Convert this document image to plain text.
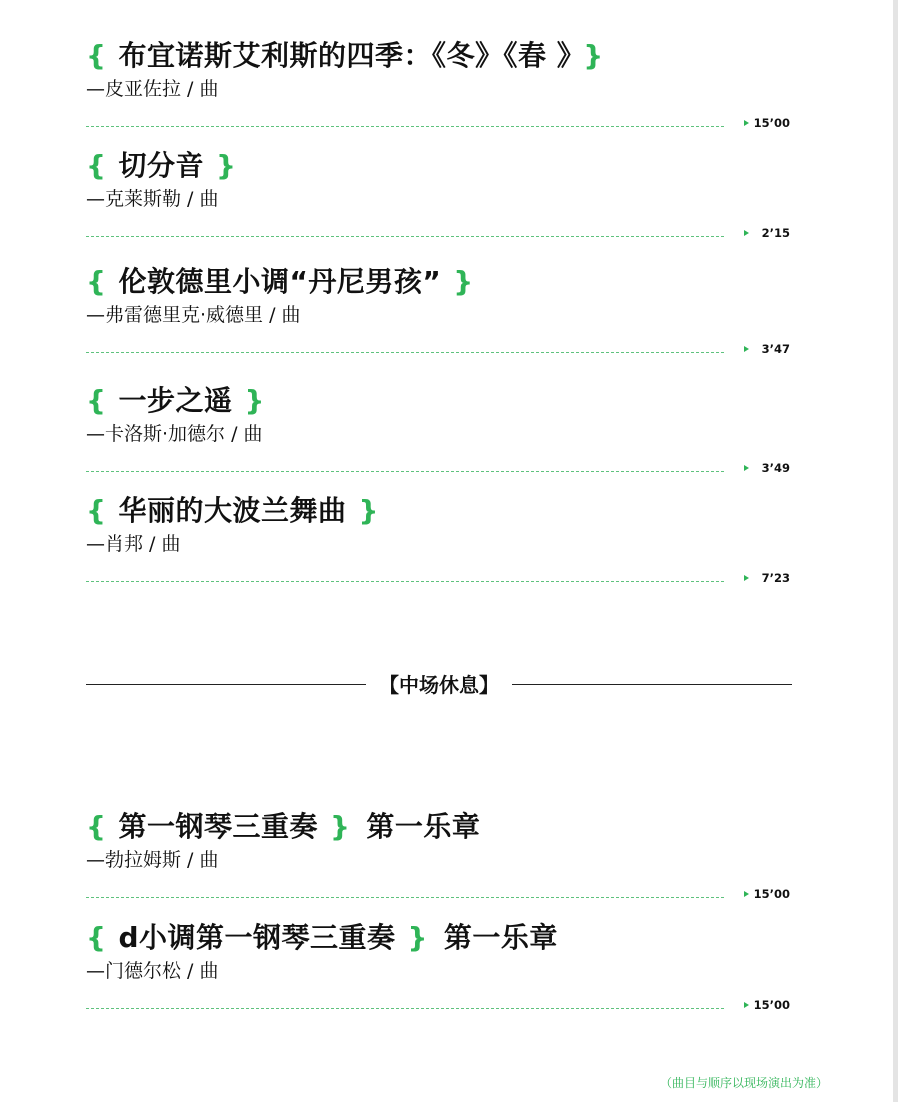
{ 布宜诺斯艾利斯的四季：《冬》《春 》 }
—皮亚佐拉 / 曲
15’00
{ 切分音 }
—克莱斯勒 / 曲
2’15
{ 伦敦德里小调“丹尼男孩” }
—弗雷德里克·威德里 / 曲
3’47
{ 一步之遥 }
—卡洛斯·加德尔 / 曲
3’49
{ 华丽的大波兰舞曲 }
—肖邦 / 曲
7’23
【中场休息】
{ 第一钢琴三重奏 } 第一乐章
—勃拉姆斯 / 曲
15’00
{ d小调第一钢琴三重奏 } 第一乐章
—门德尔松 / 曲
15’00
（曲目与顺序以现场演出为准）
